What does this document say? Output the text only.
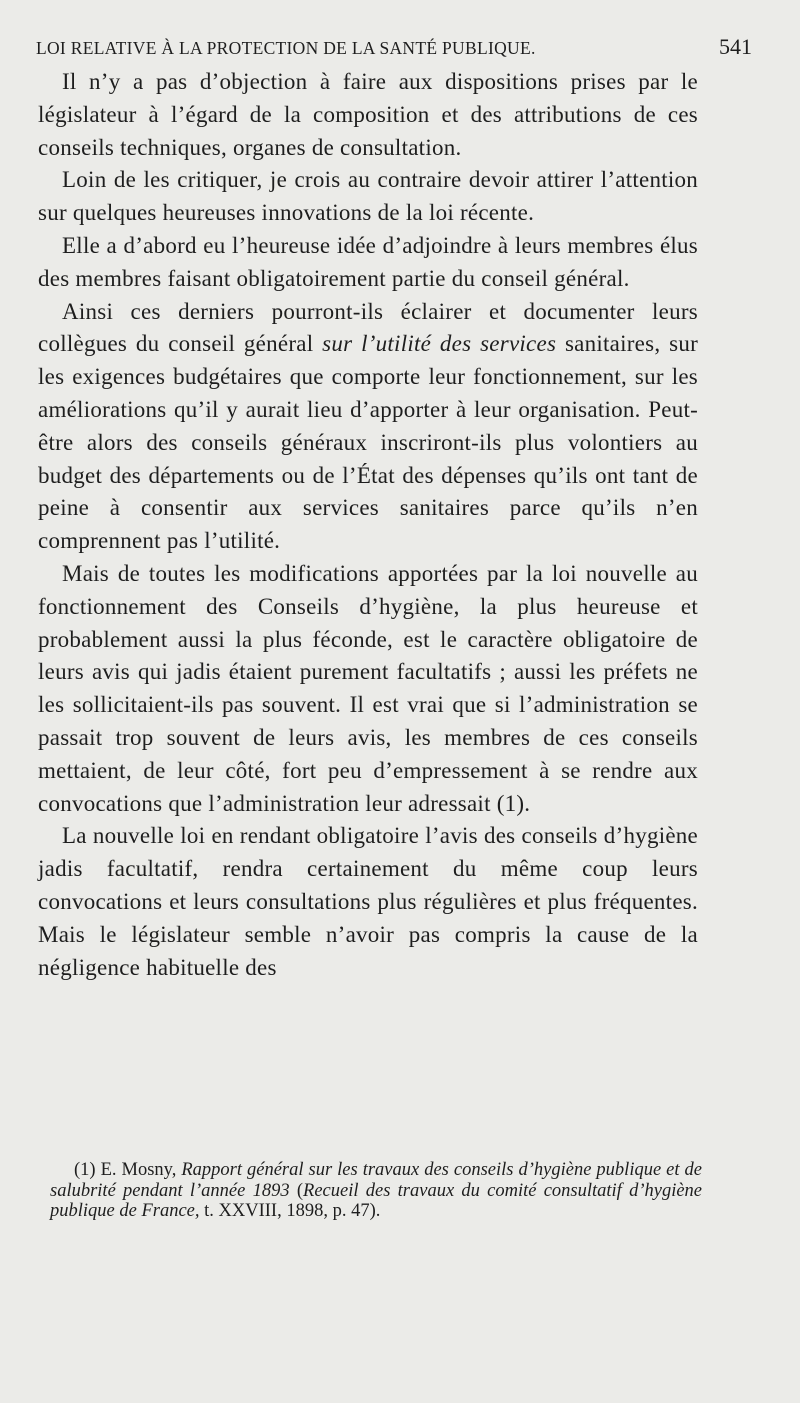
LOI RELATIVE À LA PROTECTION DE LA SANTÉ PUBLIQUE.	541

Il n’y a pas d’objection à faire aux dispositions prises par le législateur à l’égard de la composition et des attributions de ces conseils techniques, organes de consultation.

Loin de les critiquer, je crois au contraire devoir attirer l’attention sur quelques heureuses innovations de la loi récente.

Elle a d’abord eu l’heureuse idée d’adjoindre à leurs membres élus des membres faisant obligatoirement partie du conseil général.

Ainsi ces derniers pourront-ils éclairer et documenter leurs collègues du conseil général sur l’utilité des services sanitaires, sur les exigences budgétaires que comporte leur fonctionnement, sur les améliorations qu’il y aurait lieu d’apporter à leur organisation. Peut-être alors des conseils généraux inscriront-ils plus volontiers au budget des départements ou de l’État des dépenses qu’ils ont tant de peine à consentir aux services sanitaires parce qu’ils n’en comprennent pas l’utilité.

Mais de toutes les modifications apportées par la loi nouvelle au fonctionnement des Conseils d’hygiène, la plus heureuse et probablement aussi la plus féconde, est le caractère obligatoire de leurs avis qui jadis étaient purement facultatifs ; aussi les préfets ne les sollicitaient-ils pas souvent. Il est vrai que si l’administration se passait trop souvent de leurs avis, les membres de ces conseils mettaient, de leur côté, fort peu d’empressement à se rendre aux convocations que l’administration leur adressait (1).

La nouvelle loi en rendant obligatoire l’avis des conseils d’hygiène jadis facultatif, rendra certainement du même coup leurs convocations et leurs consultations plus régulières et plus fréquentes. Mais le législateur semble n’avoir pas compris la cause de la négligence habituelle des

(1) E. Mosny, Rapport général sur les travaux des conseils d’hygiène publique et de salubrité pendant l’année 1893 (Recueil des travaux du comité consultatif d’hygiène publique de France, t. XXVIII, 1898, p. 47).
